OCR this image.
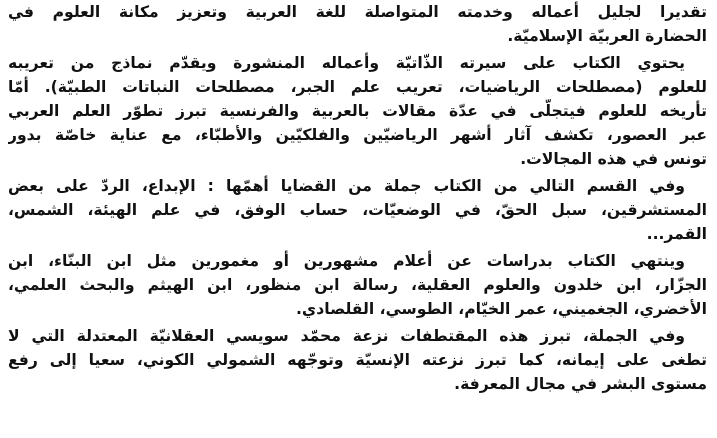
تقديرا لجليل أعماله وخدمته المتواصلة للغة العربية وتعزيز مكانة العلوم في
الحضارة العربيّة الإسلاميّة.
يحتوي الكتاب على سيرته الذّاتيّة وأعماله المنشورة ويقدّم نماذج من تعريبه
للعلوم (مصطلحات الرياضيات، تعريب علم الجبر، مصطلحات النباتات الطبيّة). أمّا
تأريخه للعلوم فيتجلّى في عدّة مقالات بالعربية والفرنسية تبرز تطوّر العلم العربي
عبر العصور، تكشف آثار أشهر الرياضيّين والفلكيّين والأطبّاء، مع عناية خاصّة بدور
تونس في هذه المجالات.
وفي القسم التالي من الكتاب جملة من القضايا أهمّها : الإبداع، الردّ على بعض
المستشرقين، سبل الحقّ، في الوضعيّات، حساب الوفق، في علم الهيئة، الشمس،
القمر...
وينتهي الكتاب بدراسات عن أعلام مشهورين أو مغمورين مثل ابن البنّاء، ابن
الجزّار، ابن خلدون والعلوم العقلية، رسالة ابن منظور، ابن الهيثم والبحث العلمي،
الأخضري، الجغميني، عمر الخيّام، الطوسي، القلصادي.
وفي الجملة، تبرز هذه المقتطفات نزعة محمّد سويسي العقلانيّة المعتدلة التي لا
تطغى على إيمانه، كما تبرز نزعته الإنسيّة وتوجّهه الشمولي الكوني، سعيا إلى رفع
مستوى البشر في مجال المعرفة.
